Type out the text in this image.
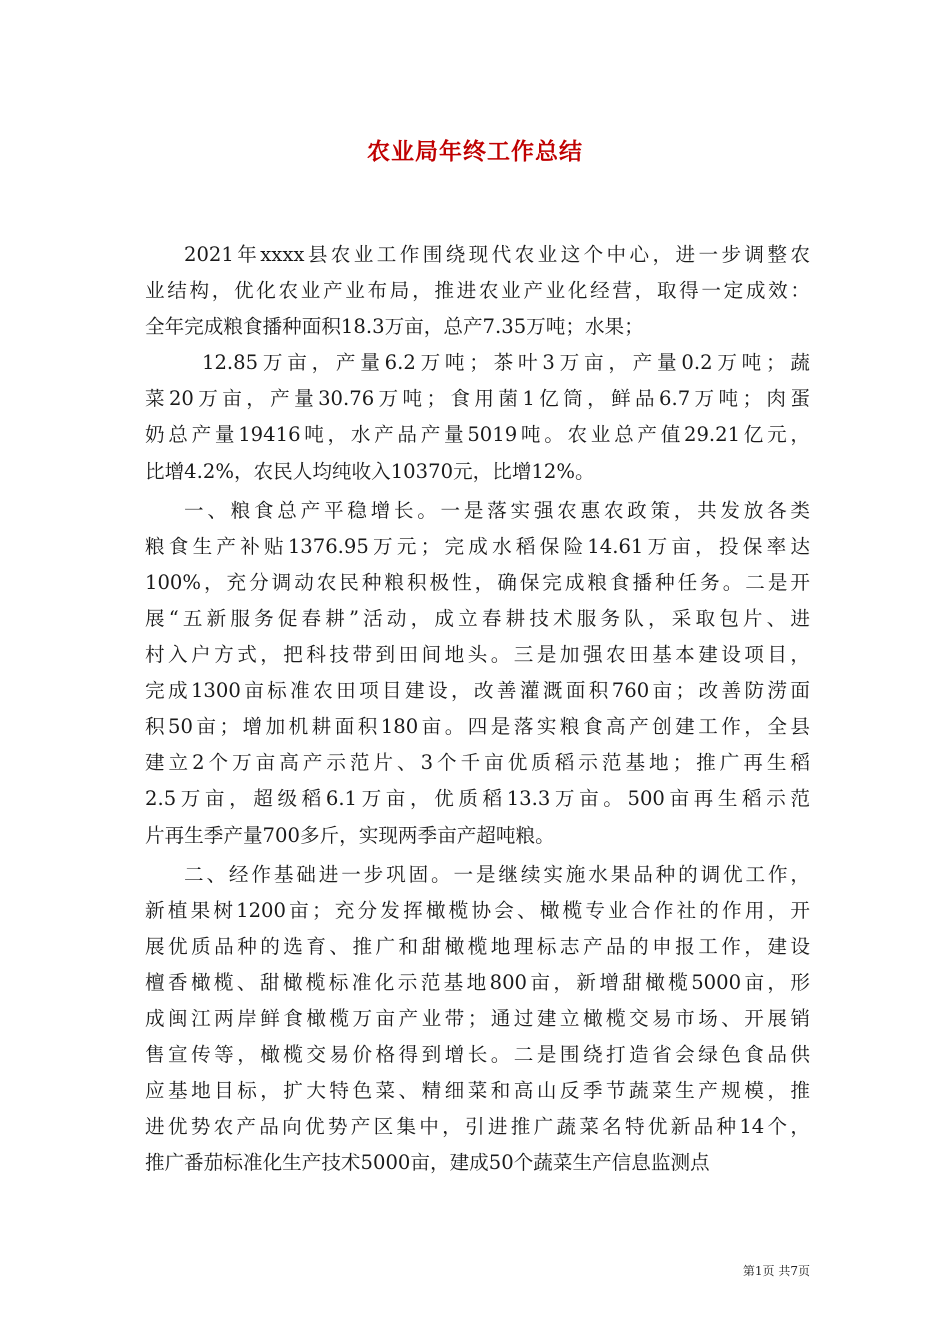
农业局年终工作总结
2021年xxxx县农业工作围绕现代农业这个中心，进一步调整农
业结构，优化农业产业布局，推进农业产业化经营，取得一定成效：
全年完成粮食播种面积18.3万亩，总产7.35万吨；水果；
12.85万亩，产量6.2万吨；茶叶3万亩，产量0.2万吨；蔬
菜20万亩，产量30.76万吨；食用菌1亿筒，鲜品6.7万吨；肉蛋
奶总产量19416吨，水产品产量5019吨。农业总产值29.21亿元，
比增4.2%，农民人均纯收入10370元，比增12%。
一、粮食总产平稳增长。一是落实强农惠农政策，共发放各类
粮食生产补贴1376.95万元；完成水稻保险14.61万亩，投保率达
100%，充分调动农民种粮积极性，确保完成粮食播种任务。二是开
展“五新服务促春耕”活动，成立春耕技术服务队，采取包片、进
村入户方式，把科技带到田间地头。三是加强农田基本建设项目，
完成1300亩标准农田项目建设，改善灌溉面积760亩；改善防涝面
积50亩；增加机耕面积180亩。四是落实粮食高产创建工作，全县
建立2个万亩高产示范片、3个千亩优质稻示范基地；推广再生稻
2.5万亩，超级稻6.1万亩，优质稻13.3万亩。500亩再生稻示范
片再生季产量700多斤，实现两季亩产超吨粮。
二、经作基础进一步巩固。一是继续实施水果品种的调优工作，
新植果树1200亩；充分发挥橄榄协会、橄榄专业合作社的作用，开
展优质品种的选育、推广和甜橄榄地理标志产品的申报工作，建设
檀香橄榄、甜橄榄标准化示范基地800亩，新增甜橄榄5000亩，形
成闽江两岸鲜食橄榄万亩产业带；通过建立橄榄交易市场、开展销
售宣传等，橄榄交易价格得到增长。二是围绕打造省会绿色食品供
应基地目标，扩大特色菜、精细菜和高山反季节蔬菜生产规模，推
进优势农产品向优势产区集中，引进推广蔬菜名特优新品种14个，
推广番茄标准化生产技术5000亩，建成50个蔬菜生产信息监测点
第1页 共7页
